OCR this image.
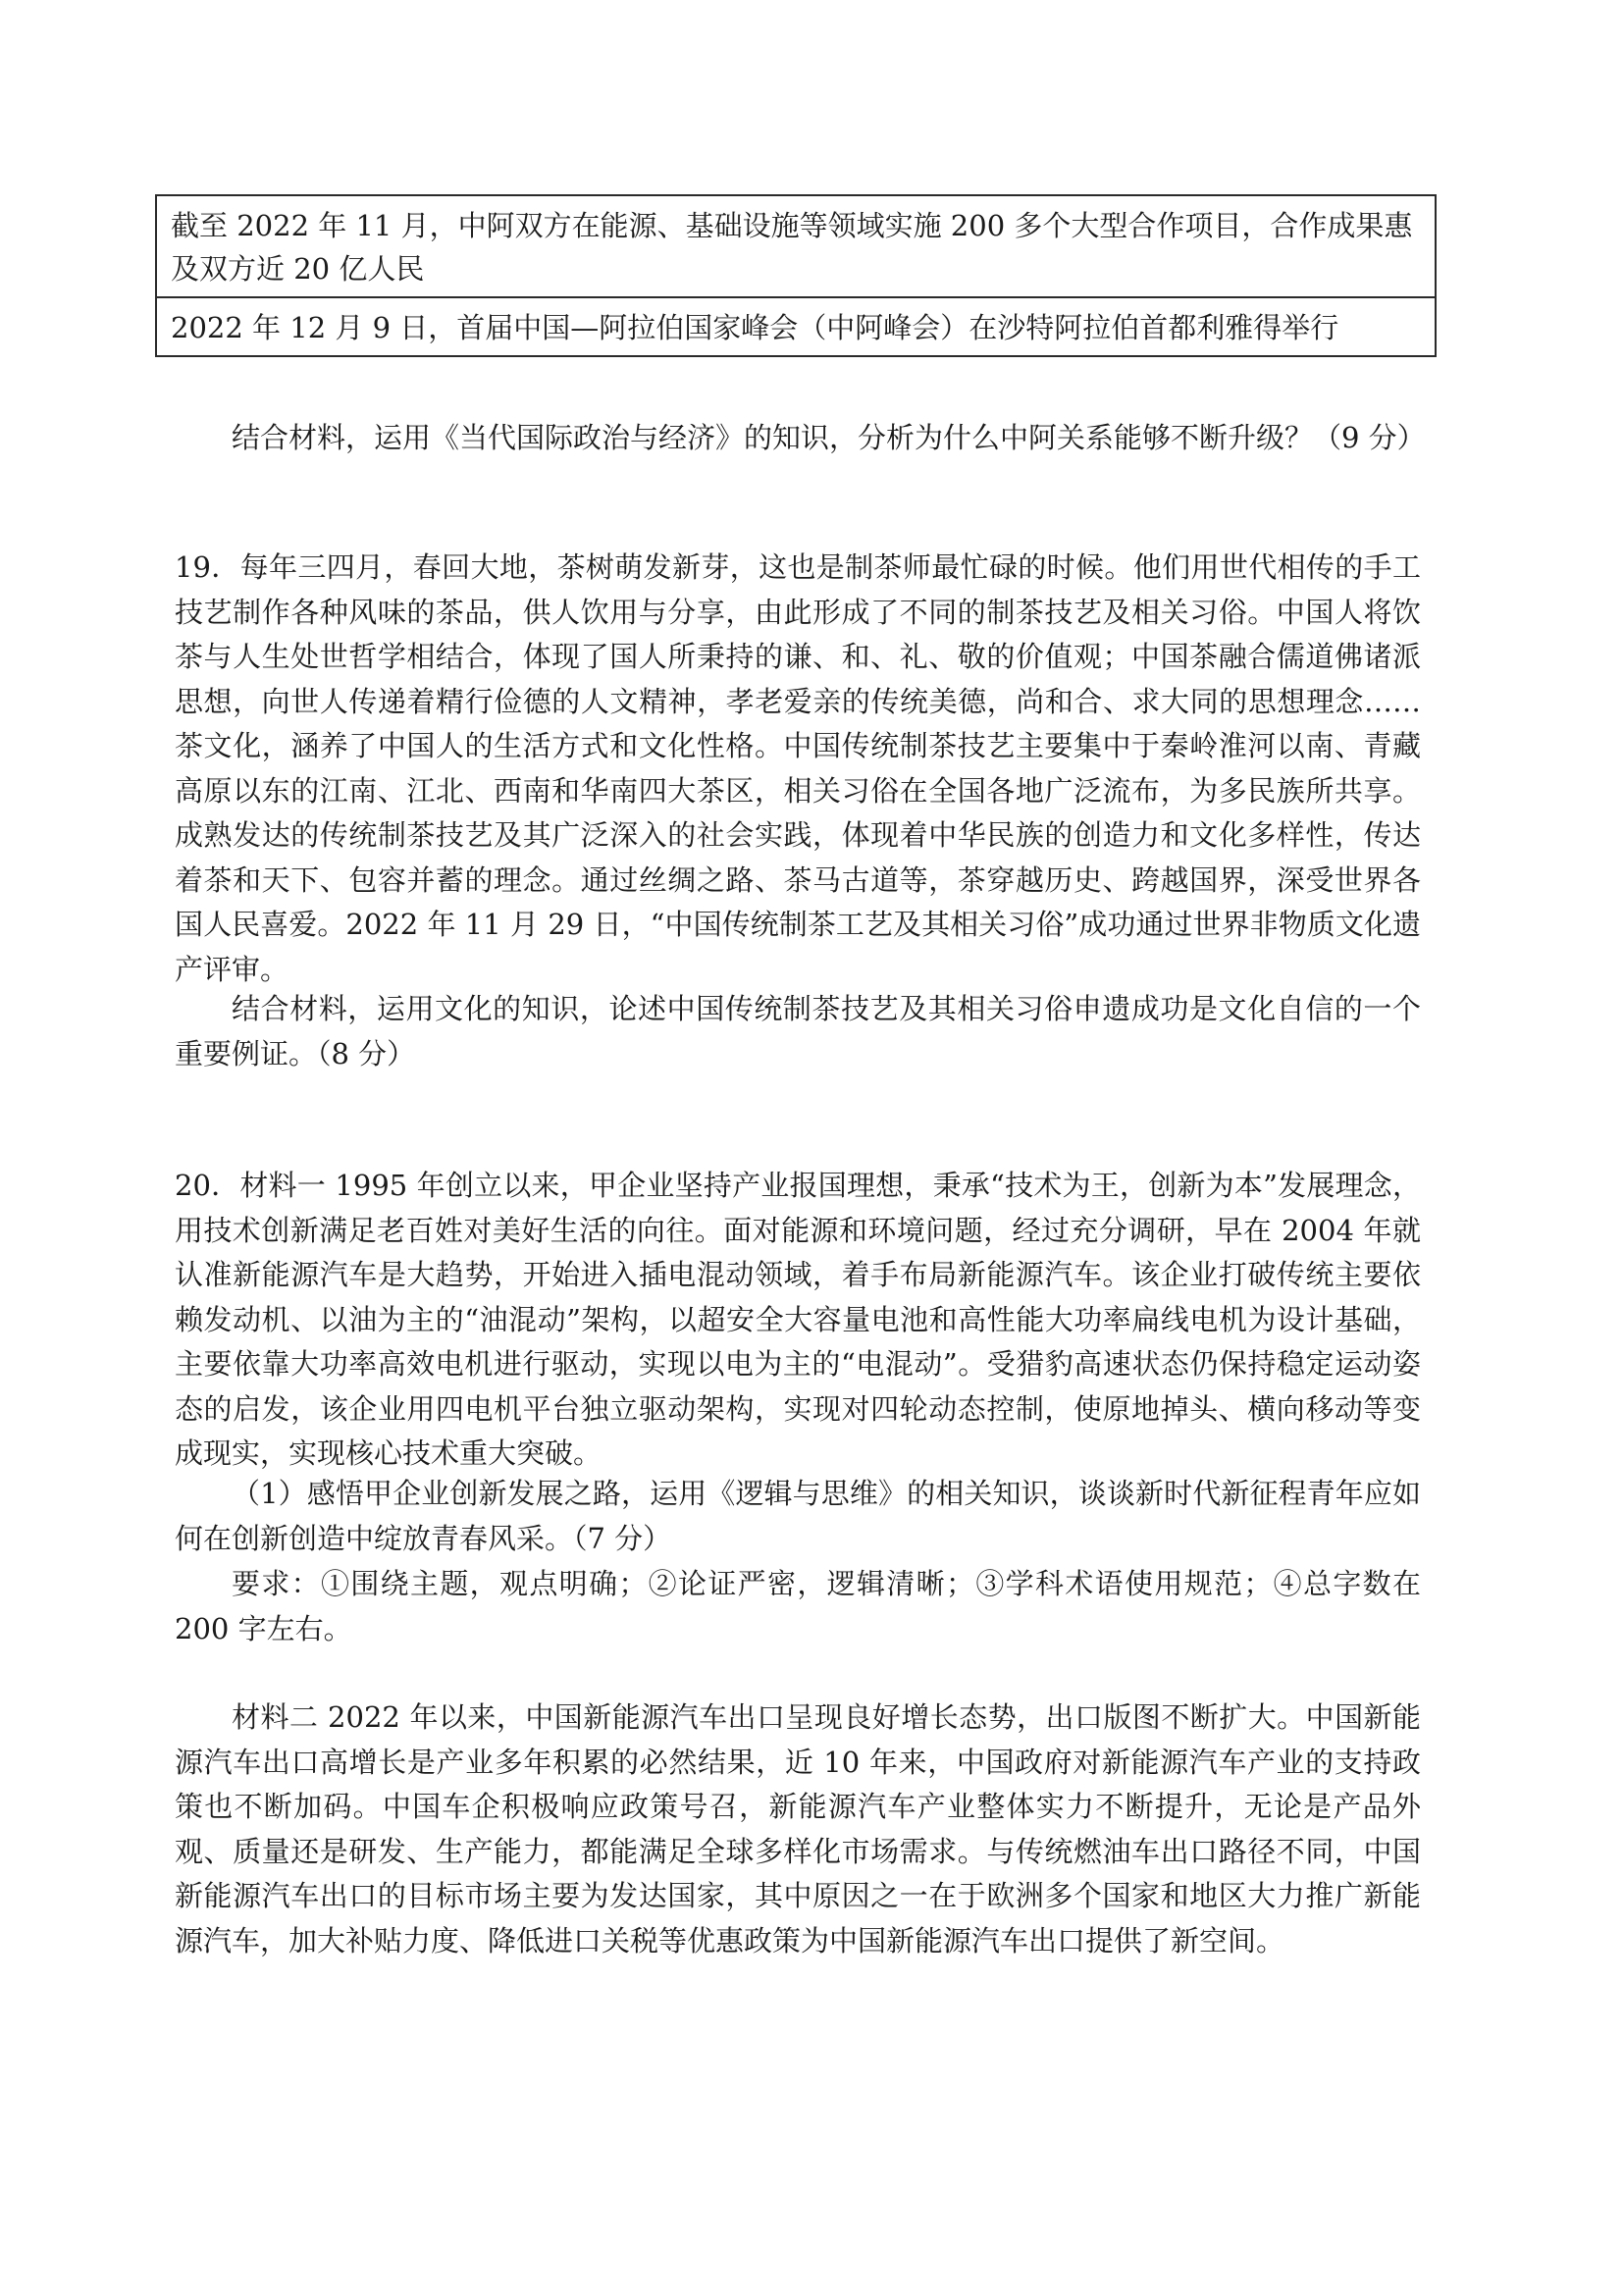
截至 2022 年 11 月，中阿双方在能源、基础设施等领域实施 200 多个大型合作项目，合作成果惠及双方近 20 亿人民
2022 年 12 月 9 日，首届中国—阿拉伯国家峰会（中阿峰会）在沙特阿拉伯首都利雅得举行

结合材料，运用《当代国际政治与经济》的知识，分析为什么中阿关系能够不断升级？（9 分）

19．每年三四月，春回大地，茶树萌发新芽，这也是制茶师最忙碌的时候。他们用世代相传的手工技艺制作各种风味的茶品，供人饮用与分享，由此形成了不同的制茶技艺及相关习俗。中国人将饮茶与人生处世哲学相结合，体现了国人所秉持的谦、和、礼、敬的价值观；中国茶融合儒道佛诸派思想，向世人传递着精行俭德的人文精神，孝老爱亲的传统美德，尚和合、求大同的思想理念……茶文化，涵养了中国人的生活方式和文化性格。中国传统制茶技艺主要集中于秦岭淮河以南、青藏高原以东的江南、江北、西南和华南四大茶区，相关习俗在全国各地广泛流布，为多民族所共享。成熟发达的传统制茶技艺及其广泛深入的社会实践，体现着中华民族的创造力和文化多样性，传达着茶和天下、包容并蓄的理念。通过丝绸之路、茶马古道等，茶穿越历史、跨越国界，深受世界各国人民喜爱。2022 年 11 月 29 日，“中国传统制茶工艺及其相关习俗”成功通过世界非物质文化遗产评审。

结合材料，运用文化的知识，论述中国传统制茶技艺及其相关习俗申遗成功是文化自信的一个重要例证。（8 分）

20．材料一 1995 年创立以来，甲企业坚持产业报国理想，秉承“技术为王，创新为本”发展理念，用技术创新满足老百姓对美好生活的向往。面对能源和环境问题，经过充分调研，早在 2004 年就认准新能源汽车是大趋势，开始进入插电混动领域，着手布局新能源汽车。该企业打破传统主要依赖发动机、以油为主的“油混动”架构，以超安全大容量电池和高性能大功率扁线电机为设计基础，主要依靠大功率高效电机进行驱动，实现以电为主的“电混动”。受猎豹高速状态仍保持稳定运动姿态的启发，该企业用四电机平台独立驱动架构，实现对四轮动态控制，使原地掉头、横向移动等变成现实，实现核心技术重大突破。

（1）感悟甲企业创新发展之路，运用《逻辑与思维》的相关知识，谈谈新时代新征程青年应如何在创新创造中绽放青春风采。（7 分）

要求：①围绕主题，观点明确；②论证严密，逻辑清晰；③学科术语使用规范；④总字数在 200 字左右。

材料二 2022 年以来，中国新能源汽车出口呈现良好增长态势，出口版图不断扩大。中国新能源汽车出口高增长是产业多年积累的必然结果，近 10 年来，中国政府对新能源汽车产业的支持政策也不断加码。中国车企积极响应政策号召，新能源汽车产业整体实力不断提升，无论是产品外观、质量还是研发、生产能力，都能满足全球多样化市场需求。与传统燃油车出口路径不同，中国新能源汽车出口的目标市场主要为发达国家，其中原因之一在于欧洲多个国家和地区大力推广新能源汽车，加大补贴力度、降低进口关税等优惠政策为中国新能源汽车出口提供了新空间。
